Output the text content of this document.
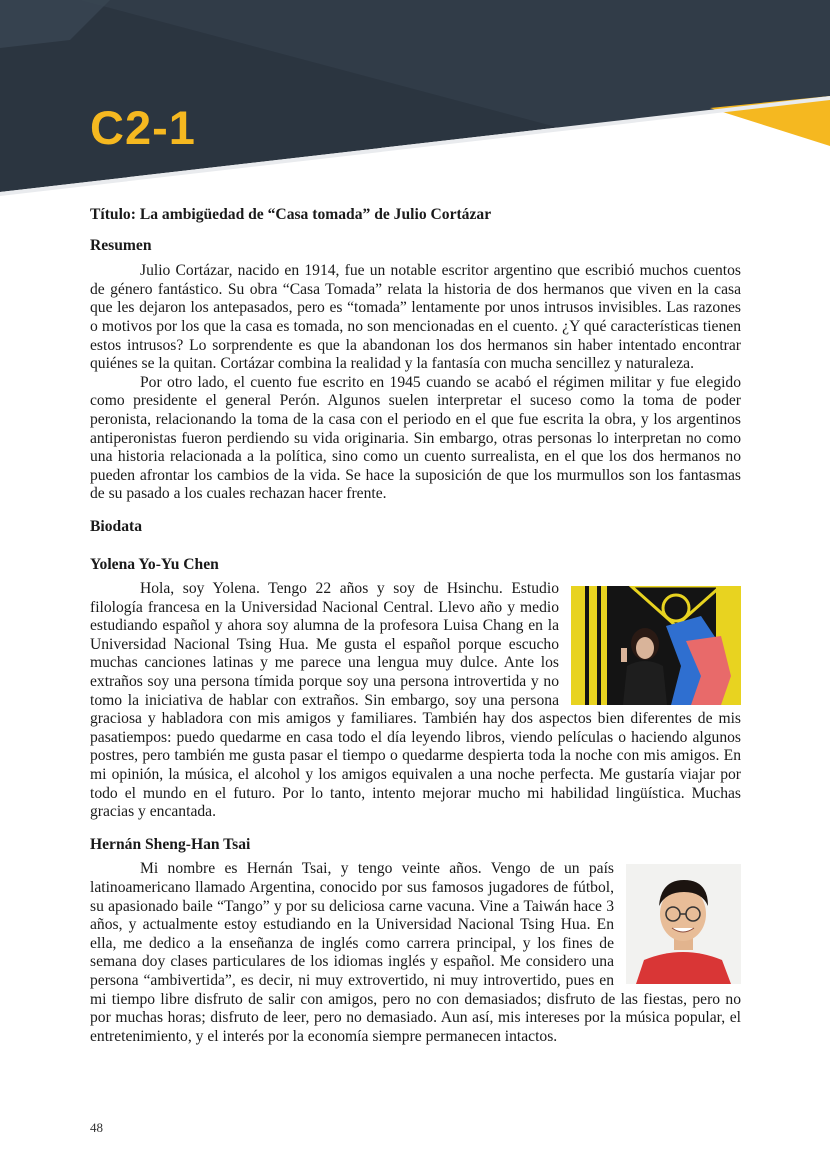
C2-1
Título: La ambigüedad de “Casa tomada” de Julio Cortázar
Resumen

Julio Cortázar, nacido en 1914, fue un notable escritor argentino que escribió muchos cuentos de género fantástico. Su obra “Casa Tomada” relata la historia de dos hermanos que viven en la casa que les dejaron los antepasados, pero es “tomada” lentamente por unos intrusos invisibles. Las razones o motivos por los que la casa es tomada, no son mencionadas en el cuento. ¿Y qué características tienen estos intrusos? Lo sorprendente es que la abandonan los dos hermanos sin haber intentado encontrar quiénes se la quitan. Cortázar combina la realidad y la fantasía con mucha sencillez y naturaleza.

Por otro lado, el cuento fue escrito en 1945 cuando se acabó el régimen militar y fue elegido como presidente el general Perón. Algunos suelen interpretar el suceso como la toma de poder peronista, relacionando la toma de la casa con el periodo en el que fue escrita la obra, y los argentinos antiperonistas fueron perdiendo su vida originaria. Sin embargo, otras personas lo interpretan no como una historia relacionada a la política, sino como un cuento surrealista, en el que los dos hermanos no pueden afrontar los cambios de la vida. Se hace la suposición de que los murmullos son los fantasmas de su pasado a los cuales rechazan hacer frente.

Biodata
Yolena Yo-Yu Chen

Hola, soy Yolena. Tengo 22 años y soy de Hsinchu. Estudio filología francesa en la Universidad Nacional Central. Llevo año y medio estudiando español y ahora soy alumna de la profesora Luisa Chang en la Universidad Nacional Tsing Hua. Me gusta el español porque escucho muchas canciones latinas y me parece una lengua muy dulce. Ante los extraños soy una persona tímida porque soy una persona introvertida y no tomo la iniciativa de hablar con extraños. Sin embargo, soy una persona graciosa y habladora con mis amigos y familiares. También hay dos aspectos bien diferentes de mis pasatiempos: puedo quedarme en casa todo el día leyendo libros, viendo películas o haciendo algunos postres, pero también me gusta pasar el tiempo o quedarme despierta toda la noche con mis amigos. En mi opinión, la música, el alcohol y los amigos equivalen a una noche perfecta. Me gustaría viajar por todo el mundo en el futuro. Por lo tanto, intento mejorar mucho mi habilidad lingüística. Muchas gracias y encantada.

Hernán Sheng-Han Tsai

Mi nombre es Hernán Tsai, y tengo veinte años. Vengo de un país latinoamericano llamado Argentina, conocido por sus famosos jugadores de fútbol, su apasionado baile “Tango” y por su deliciosa carne vacuna. Vine a Taiwán hace 3 años, y actualmente estoy estudiando en la Universidad Nacional Tsing Hua. En ella, me dedico a la enseñanza de inglés como carrera principal, y los fines de semana doy clases particulares de los idiomas inglés y español. Me considero una persona “ambivertida”, es decir, ni muy extrovertido, ni muy introvertido, pues en mi tiempo libre disfruto de salir con amigos, pero no con demasiados; disfruto de las fiestas, pero no por muchas horas; disfruto de leer, pero no demasiado. Aun así, mis intereses por la música popular, el entretenimiento, y el interés por la economía siempre permanecen intactos.

48
